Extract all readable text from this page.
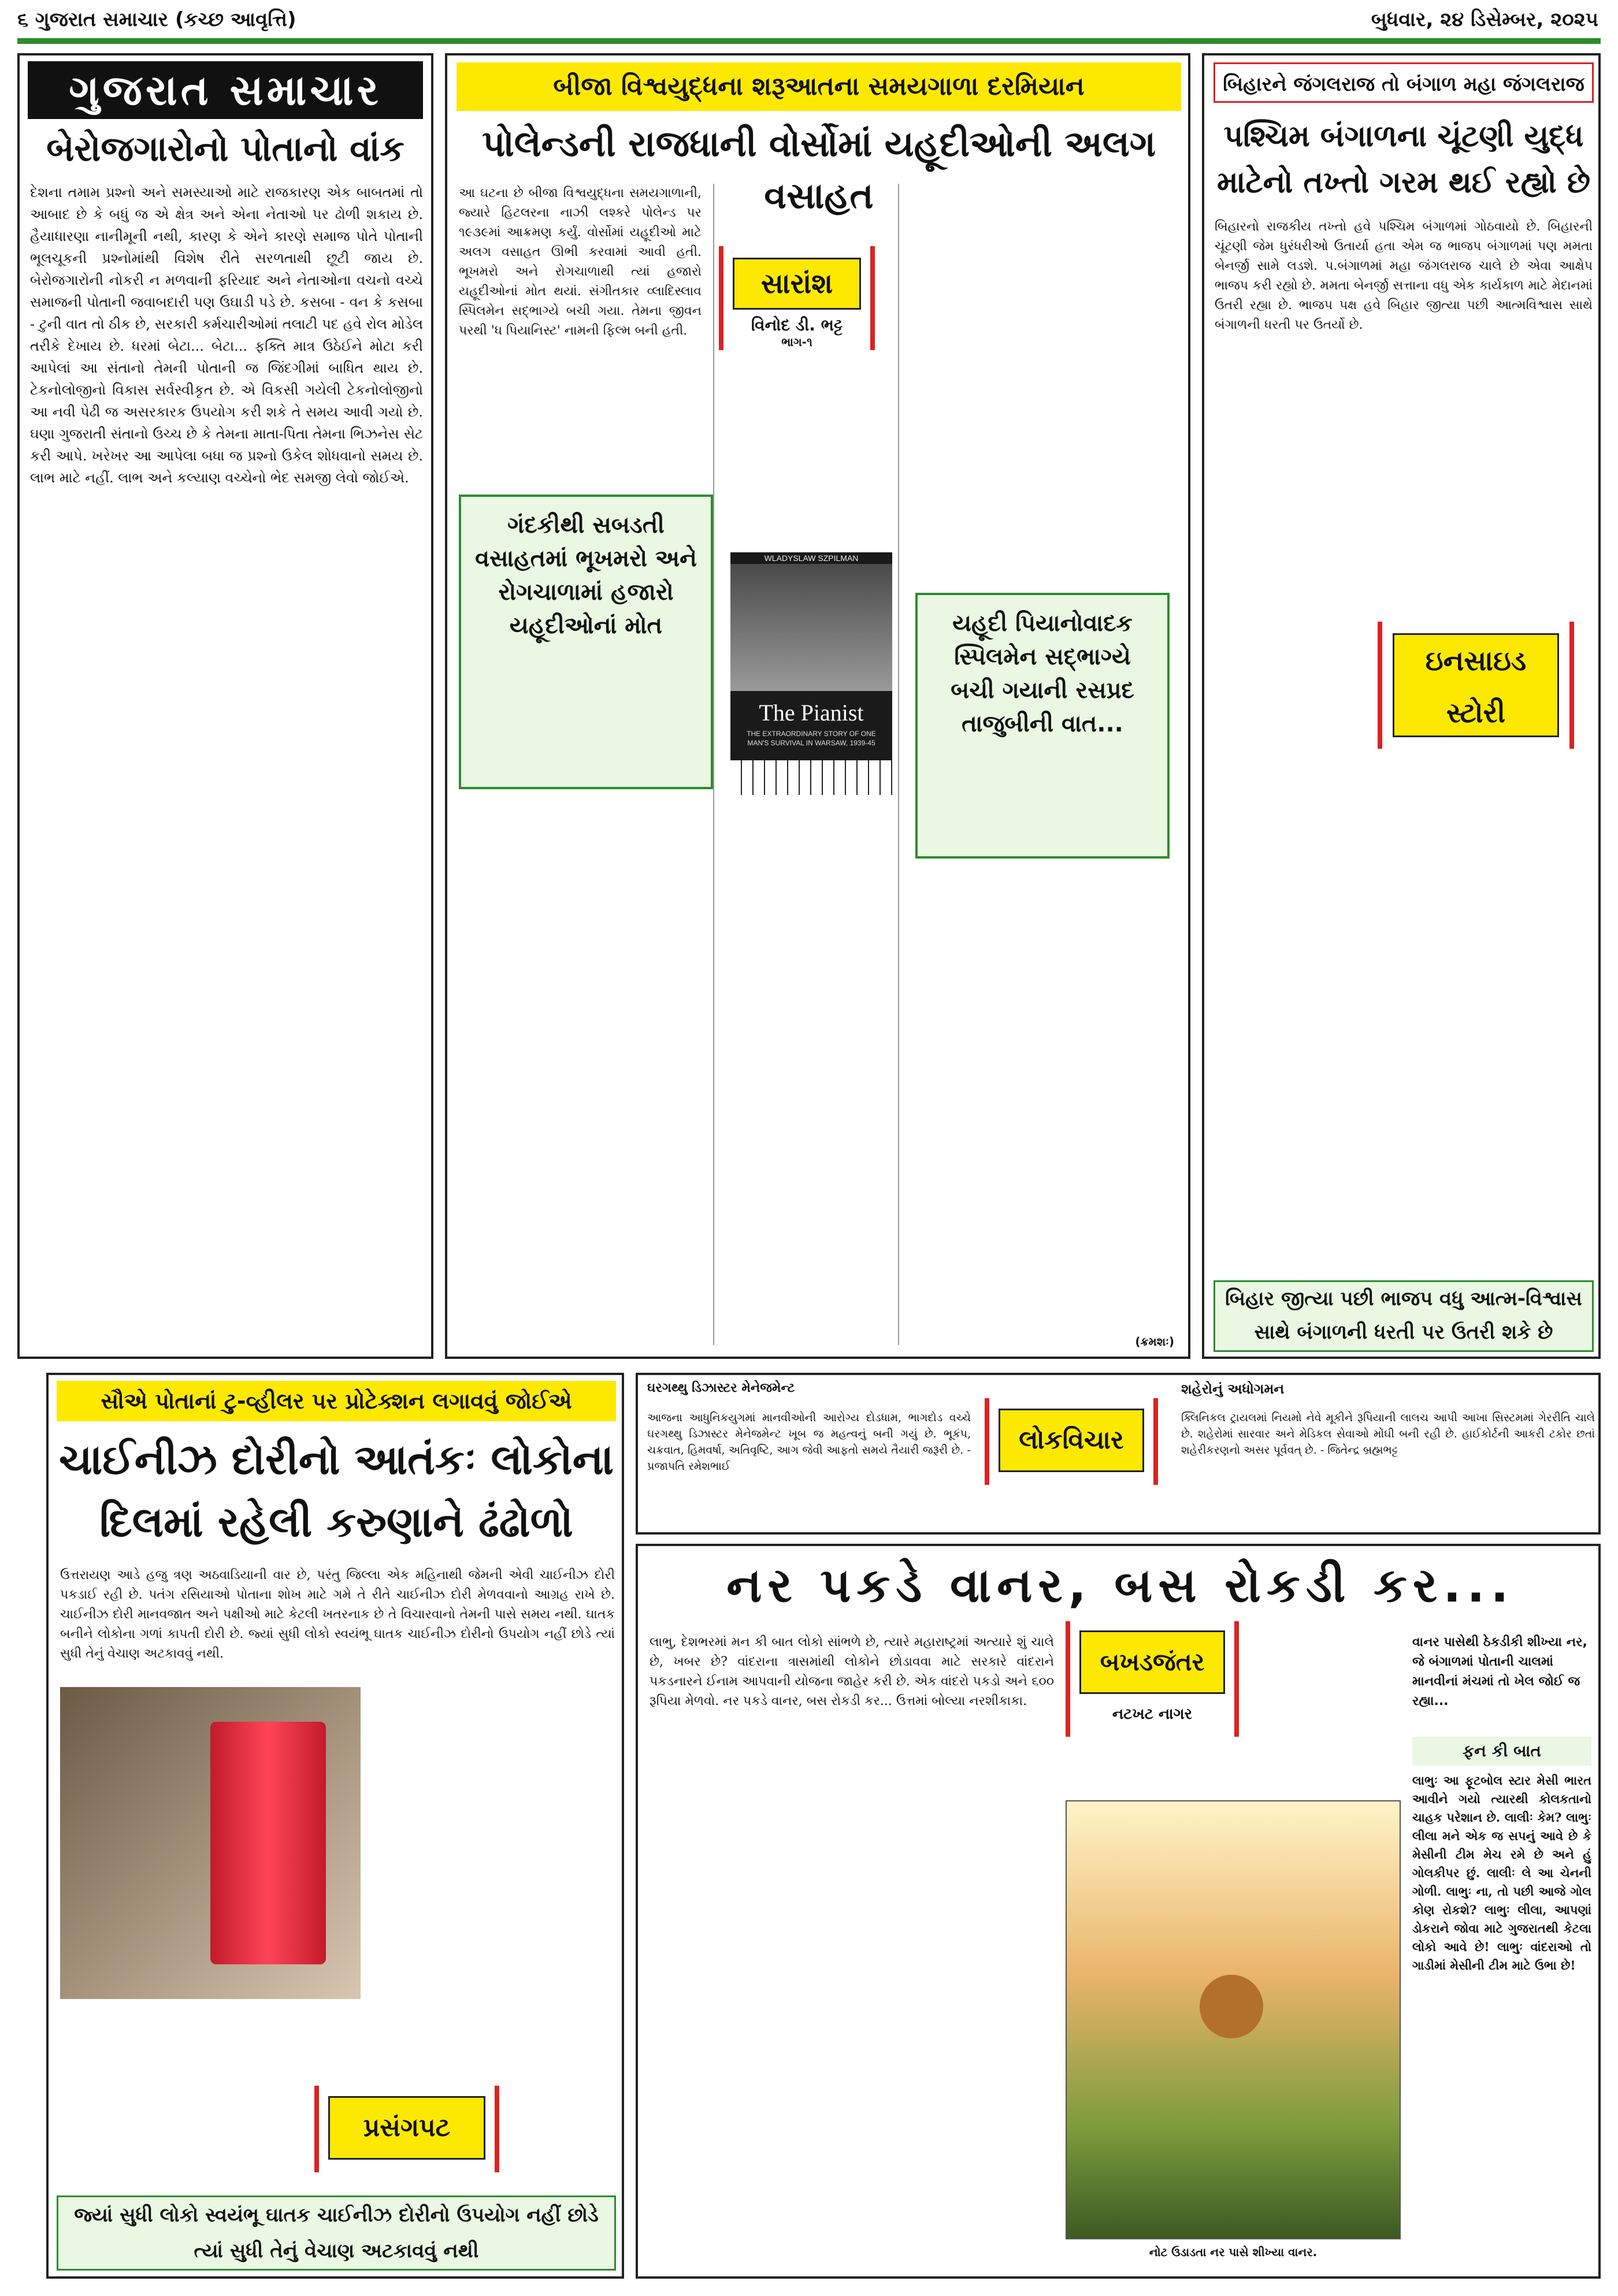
૬ ગુજરાત સમાચાર (કચ્છ આવૃત્તિ)	બુધવાર, ૨૪ ડિસેમ્બર, ૨૦૨૫
ગુજરાત સમાચાર
બેરોજગારોનો પોતાનો વાંક
દેશના તમામ પ્રશ્નો અને સમસ્યાઓ માટે રાજકારણ એક બાબતમાં તો આબાદ છે કે બધું જ એ ક્ષેત્ર અને એના નેતાઓ પર ઢોળી શકાય છે. હૈયાધારણા નાનીમૂની નથી, કારણ કે એને કારણે સમાજ પોતે પોતાની ભૂલચૂકની પ્રશ્નોમાંથી વિશેષ રીતે સરળતાથી છૂટી જાય છે. બેરોજગારોની નોકરી ન મળવાની ફરિયાદ અને નેતાઓના વચનો વચ્ચે સમાજની પોતાની જવાબદારી પણ ઉઘાડી પડે છે. કસબા - વન કે કસબા - ટુની વાત તો ઠીક છે, સરકારી કર્મચારીઓમાં તલાટી પદ હવે રોલ મોડેલ તરીકે દેખાય છે. ધરમાં બેટા... બેટા... ફક્તિ માત્ર ઉઠેઈને મોટા કરી આપેલાં આ સંતાનો તેમની પોતાની જ જિંદગીમાં બાધિત થાય છે. ટેકનોલોજીનો વિકાસ સર્વસ્વીકૃત છે. એ વિકસી ગયેલી ટેકનોલોજીનો આ નવી પેઢી જ અસરકારક ઉપયોગ કરી શકે તે સમય આવી ગયો છે. ઘણા ગુજરાતી સંતાનો ઉચ્ચ છે કે તેમના માતા-પિતા તેમના ભિઝનેસ સેટ કરી આપે. ખરેખર આ આપેલા બધા જ પ્રશ્નો ઉકેલ શોધવાનો સમય છે. લાભ માટે નહીં. લાભ અને કલ્યાણ વચ્ચેનો ભેદ સમજી લેવો જોઈએ.
બીજા વિશ્વયુદ્ધના શરૂઆતના સમયગાળા દરમિયાન
પોલેન્ડની રાજધાની વોર્સોમાં યહૂદીઓની અલગ વસાહત
આ ઘટના છે બીજા વિશ્વયુદ્ધના સમયગાળાની, જ્યારે હિટલરના નાઝી લશ્કરે પોલેન્ડ પર ૧૯૩૯માં આક્રમણ કર્યું. વોર્સોમાં યહૂદીઓ માટે અલગ વસાહત ઊભી કરવામાં આવી હતી. ભૂખમરો અને રોગચાળાથી ત્યાં હજારો યહૂદીઓનાં મોત થયાં. સંગીતકાર વ્લાદિસ્લાવ સ્પિલમેન સદ્ભાગ્યે બચી ગયા. તેમના જીવન પરથી 'ધ પિયાનિસ્ટ' નામની ફિલ્મ બની હતી.
સારાંશ
વિનોદ ડી. ભટ્ટ
ભાગ-૧
ગંદકીથી સબડતી વસાહતમાં ભૂખમરો અને રોગચાળામાં હજારો યહૂદીઓનાં મોત
WLADYSLAW SZPILMAN
The Pianist
THE EXTRAORDINARY STORY OF ONE MAN'S SURVIVAL IN WARSAW, 1939-45
યહૂદી પિયાનોવાદક સ્પિલમેન સદ્ભાગ્યે બચી ગયાની રસપ્રદ તાજુબીની વાત...
(ક્રમશઃ)
બિહારને જંગલરાજ તો બંગાળ મહા જંગલરાજ
પશ્ચિમ બંગાળના ચૂંટણી યુદ્ધ માટેનો તખ્તો ગરમ થઈ રહ્યો છે
બિહારનો રાજકીય તખ્તો હવે પશ્ચિમ બંગાળમાં ગોઠવાયો છે. બિહારની ચૂંટણી જેમ ધુરંધરીઓ ઉતાર્યા હતા એમ જ ભાજપ બંગાળમાં પણ મમતા બેનર્જી સામે લડશે. પ.બંગાળમાં મહા જંગલરાજ ચાલે છે એવા આક્ષેપ ભાજપ કરી રહ્યો છે. મમતા બેનર્જી સત્તાના વધુ એક કાર્યકાળ માટે મેદાનમાં ઉતરી રહ્યા છે. ભાજપ પક્ષ હવે બિહાર જીત્યા પછી આત્મવિશ્વાસ સાથે બંગાળની ધરતી પર ઉતર્યો છે.
ઇનસાઇડ સ્ટોરી
બિહાર જીત્યા પછી ભાજપ વધુ આત્મ-વિશ્વાસ સાથે બંગાળની ધરતી પર ઉતરી શકે છે
સૌએ પોતાનાં ટુ-વ્હીલર પર પ્રોટેક્શન લગાવવું જોઈએ
ચાઈનીઝ દોરીનો આતંકઃ લોકોના દિલમાં રહેલી કરુણાને ઢંઢોળો
ઉત્તરાયણ આડે હજુ ત્રણ અઠવાડિયાની વાર છે, પરંતુ જિલ્લા એક મહિનાથી જેમની એવી ચાઈનીઝ દોરી પકડાઈ રહી છે. પતંગ રસિયાઓ પોતાના શોખ માટે ગમે તે રીતે ચાઈનીઝ દોરી મેળવવાનો આગ્રહ રાખે છે. ચાઈનીઝ દોરી માનવજાત અને પક્ષીઓ માટે કેટલી ખતરનાક છે તે વિચારવાનો તેમની પાસે સમય નથી. ઘાતક બનીને લોકોના ગળાં કાપતી દોરી છે. જ્યાં સુધી લોકો સ્વયંભૂ ઘાતક ચાઈનીઝ દોરીનો ઉપયોગ નહીં છોડે ત્યાં સુધી તેનું વેચાણ અટકાવવું નથી.
પ્રસંગપટ
જ્યાં સુધી લોકો સ્વયંભૂ ઘાતક ચાઈનીઝ દોરીનો ઉપયોગ નહીં છોડે ત્યાં સુધી તેનું વેચાણ અટકાવવું નથી
ઘરગથ્થુ ડિઝાસ્ટર મેનેજમેન્ટ
આજના આધુનિકયુગમાં માનવીઓની આરોગ્ય દોડધામ, ભાગદોડ વચ્ચે ઘરગથ્થુ ડિઝાસ્ટર મેનેજમેન્ટ ખૂબ જ મહત્વનું બની ગયું છે. ભૂકંપ, ચક્રવાત, હિમવર્ષા, અતિવૃષ્ટિ, આગ જેવી આફતો સમયે તૈયારી જરૂરી છે. - પ્રજાપતિ રમેશભાઈ
લોકવિચાર
શહેરોનું અધોગમન
ક્લિનિકલ ટ્રાયલમાં નિયમો નેવે મૂકીને રૂપિયાની લાલચ આપી આખા સિસ્ટમમાં ગેરરીતિ ચાલે છે. શહેરોમાં સારવાર અને મેડિકલ સેવાઓ મોંઘી બની રહી છે. હાઈકોર્ટની આકરી ટકોર છતાં શહેરીકરણનો અસર પૂર્વવત્ છે. - જિતેન્દ્ર બ્રહ્મભટ્ટ
નર પકડે વાનર, બસ રોકડી કર...
લાભુ, દેશભરમાં મન કી બાત લોકો સાંભળે છે, ત્યારે મહારાષ્ટ્રમાં અત્યારે શું ચાલે છે, ખબર છે? વાંદરાના ત્રાસમાંથી લોકોને છોડાવવા માટે સરકારે વાંદરાને પકડનારને ઈનામ આપવાની યોજના જાહેર કરી છે. એક વાંદરો પકડો અને ૬૦૦ રૂપિયા મેળવો. નર પકડે વાનર, બસ રોકડી કર... ઉત્તમાં બોલ્યા નરશીકાકા.
બખડજંતર
નટખટ નાગર
નોટ ઉડાડતા નર પાસે શીખ્યા વાનર.
વાનર પાસેથી ઠેકડીકી શીખ્યા નર, જે બંગાળમાં પોતાની ચાલમાં માનવીનાં મંચમાં તો ખેલ જોઈ જ રહ્યા...
ફન કી બાત
લાભુઃ આ ફૂટબોલ સ્ટાર મેસી ભારત આવીને ગયો ત્યારથી કોલકતાનો ચાહક પરેશાન છે. લાલીઃ કેમ? લાભુઃ લીલા મને એક જ સપનું આવે છે કે મેસીની ટીમ મેચ રમે છે અને હું ગોલકીપર છું. લાલીઃ લે આ ચેનની ગોળી. લાભુઃ ના, તો પછી આજે ગોલ કોણ રોકશે? લાભુઃ લીલા, આપણાં ડોકરાને જોવા માટે ગુજરાતથી કેટલા લોકો આવે છે! લાભુઃ વાંદરાઓ તો ગાડીમાં મેસીની ટીમ માટે ઉભા છે!
